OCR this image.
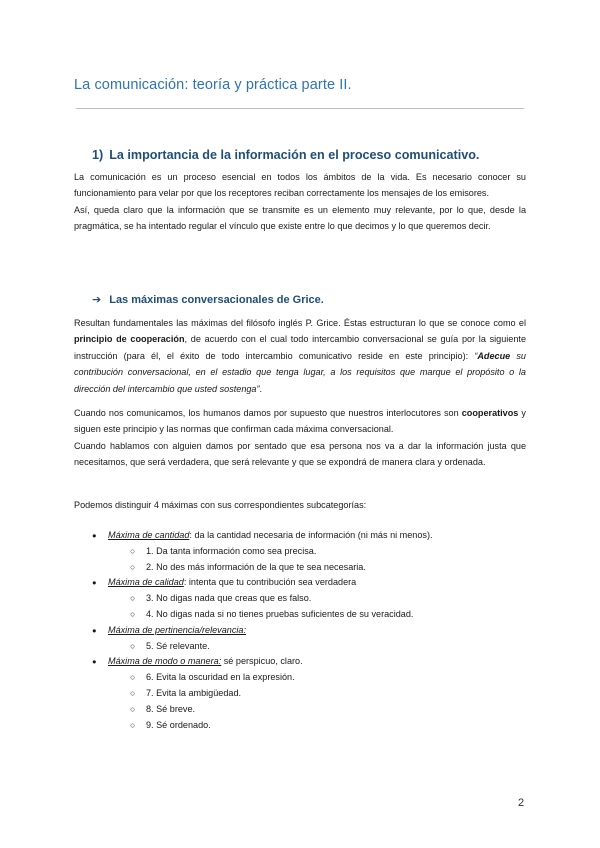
La comunicación: teoría y práctica parte II.
1) La importancia de la información en el proceso comunicativo.

La comunicación es un proceso esencial en todos los ámbitos de la vida. Es necesario conocer su funcionamiento para velar por que los receptores reciban correctamente los mensajes de los emisores.

Así, queda claro que la información que se transmite es un elemento muy relevante, por lo que, desde la pragmática, se ha intentado regular el vínculo que existe entre lo que decimos y lo que queremos decir.

➔ Las máximas conversacionales de Grice.

Resultan fundamentales las máximas del filósofo inglés P. Grice. Éstas estructuran lo que se conoce como el principio de cooperación, de acuerdo con el cual todo intercambio conversacional se guía por la siguiente instrucción (para él, el éxito de todo intercambio comunicativo reside en este principio): “Adecue su contribución conversacional, en el estadio que tenga lugar, a los requisitos que marque el propósito o la dirección del intercambio que usted sostenga”.

Cuando nos comunicamos, los humanos damos por supuesto que nuestros interlocutores son cooperativos y siguen este principio y las normas que confirman cada máxima conversacional.

Cuando hablamos con alguien damos por sentado que esa persona nos va a dar la información justa que necesitamos, que será verdadera, que será relevante y que se expondrá de manera clara y ordenada.

Podemos distinguir 4 máximas con sus correspondientes subcategorías:

● Máxima de cantidad: da la cantidad necesaria de información (ni más ni menos).
○ 1. Da tanta información como sea precisa.
○ 2. No des más información de la que te sea necesaria.
● Máxima de calidad: intenta que tu contribución sea verdadera
○ 3. No digas nada que creas que es falso.
○ 4. No digas nada si no tienes pruebas suficientes de su veracidad.
● Máxima de pertinencia/relevancia:
○ 5. Sé relevante.
● Máxima de modo o manera: sé perspicuo, claro.
○ 6. Evita la oscuridad en la expresión.
○ 7. Evita la ambigüedad.
○ 8. Sé breve.
○ 9. Sé ordenado.
2
